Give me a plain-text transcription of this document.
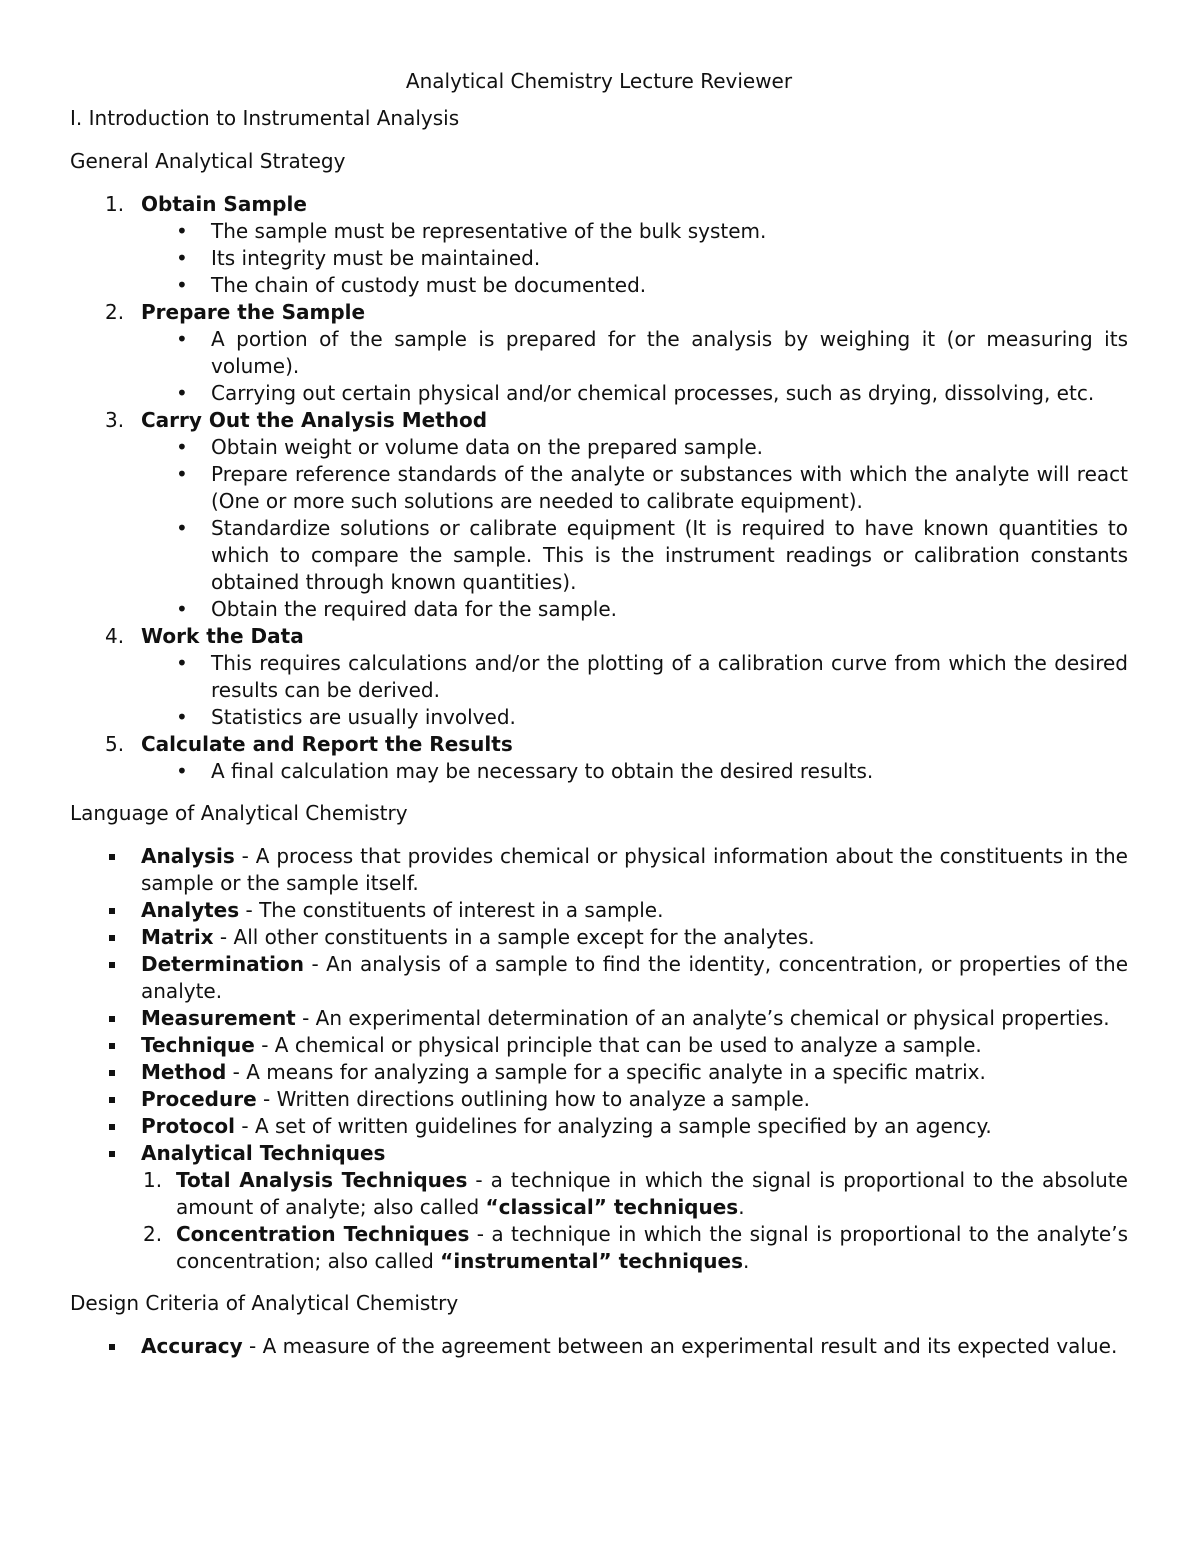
Analytical Chemistry Lecture Reviewer
I. Introduction to Instrumental Analysis
General Analytical Strategy
1. Obtain Sample
• The sample must be representative of the bulk system.
• Its integrity must be maintained.
• The chain of custody must be documented.
2. Prepare the Sample
• A portion of the sample is prepared for the analysis by weighing it (or measuring its volume).
• Carrying out certain physical and/or chemical processes, such as drying, dissolving, etc.
3. Carry Out the Analysis Method
• Obtain weight or volume data on the prepared sample.
• Prepare reference standards of the analyte or substances with which the analyte will react (One or more such solutions are needed to calibrate equipment).
• Standardize solutions or calibrate equipment (It is required to have known quantities to which to compare the sample. This is the instrument readings or calibration constants obtained through known quantities).
• Obtain the required data for the sample.
4. Work the Data
• This requires calculations and/or the plotting of a calibration curve from which the desired results can be derived.
• Statistics are usually involved.
5. Calculate and Report the Results
• A final calculation may be necessary to obtain the desired results.
Language of Analytical Chemistry
Analysis - A process that provides chemical or physical information about the constituents in the sample or the sample itself.
Analytes - The constituents of interest in a sample.
Matrix - All other constituents in a sample except for the analytes.
Determination - An analysis of a sample to find the identity, concentration, or properties of the analyte.
Measurement - An experimental determination of an analyte’s chemical or physical properties.
Technique - A chemical or physical principle that can be used to analyze a sample.
Method - A means for analyzing a sample for a specific analyte in a specific matrix.
Procedure - Written directions outlining how to analyze a sample.
Protocol - A set of written guidelines for analyzing a sample specified by an agency.
Analytical Techniques
1. Total Analysis Techniques - a technique in which the signal is proportional to the absolute amount of analyte; also called “classical” techniques.
2. Concentration Techniques - a technique in which the signal is proportional to the analyte’s concentration; also called “instrumental” techniques.
Design Criteria of Analytical Chemistry
Accuracy - A measure of the agreement between an experimental result and its expected value.
